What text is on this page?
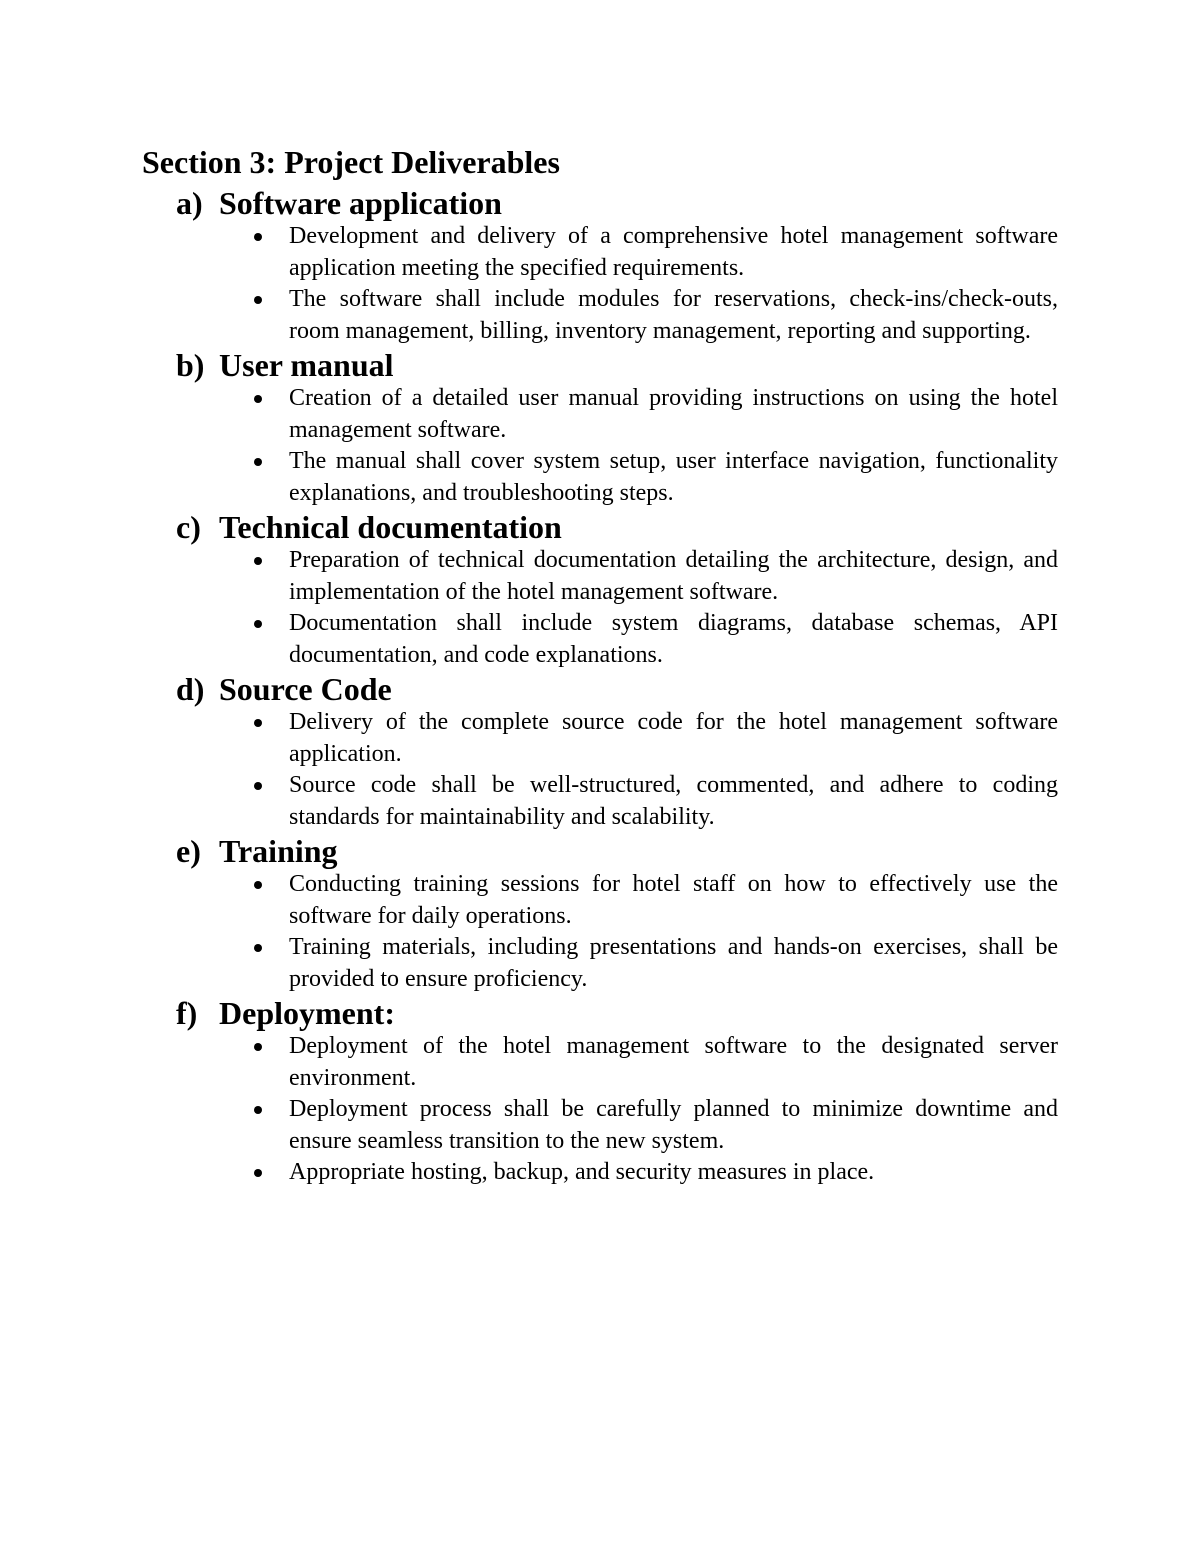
Section 3: Project Deliverables
a) Software application
Development and delivery of a comprehensive hotel management software application meeting the specified requirements.
The software shall include modules for reservations, check-ins/check-outs, room management, billing, inventory management, reporting and supporting.
b) User manual
Creation of a detailed user manual providing instructions on using the hotel management software.
The manual shall cover system setup, user interface navigation, functionality explanations, and troubleshooting steps.
c) Technical documentation
Preparation of technical documentation detailing the architecture, design, and implementation of the hotel management software.
Documentation shall include system diagrams, database schemas, API documentation, and code explanations.
d) Source Code
Delivery of the complete source code for the hotel management software application.
Source code shall be well-structured, commented, and adhere to coding standards for maintainability and scalability.
e) Training
Conducting training sessions for hotel staff on how to effectively use the software for daily operations.
Training materials, including presentations and hands-on exercises, shall be provided to ensure proficiency.
f) Deployment:
Deployment of the hotel management software to the designated server environment.
Deployment process shall be carefully planned to minimize downtime and ensure seamless transition to the new system.
Appropriate hosting, backup, and security measures in place.
